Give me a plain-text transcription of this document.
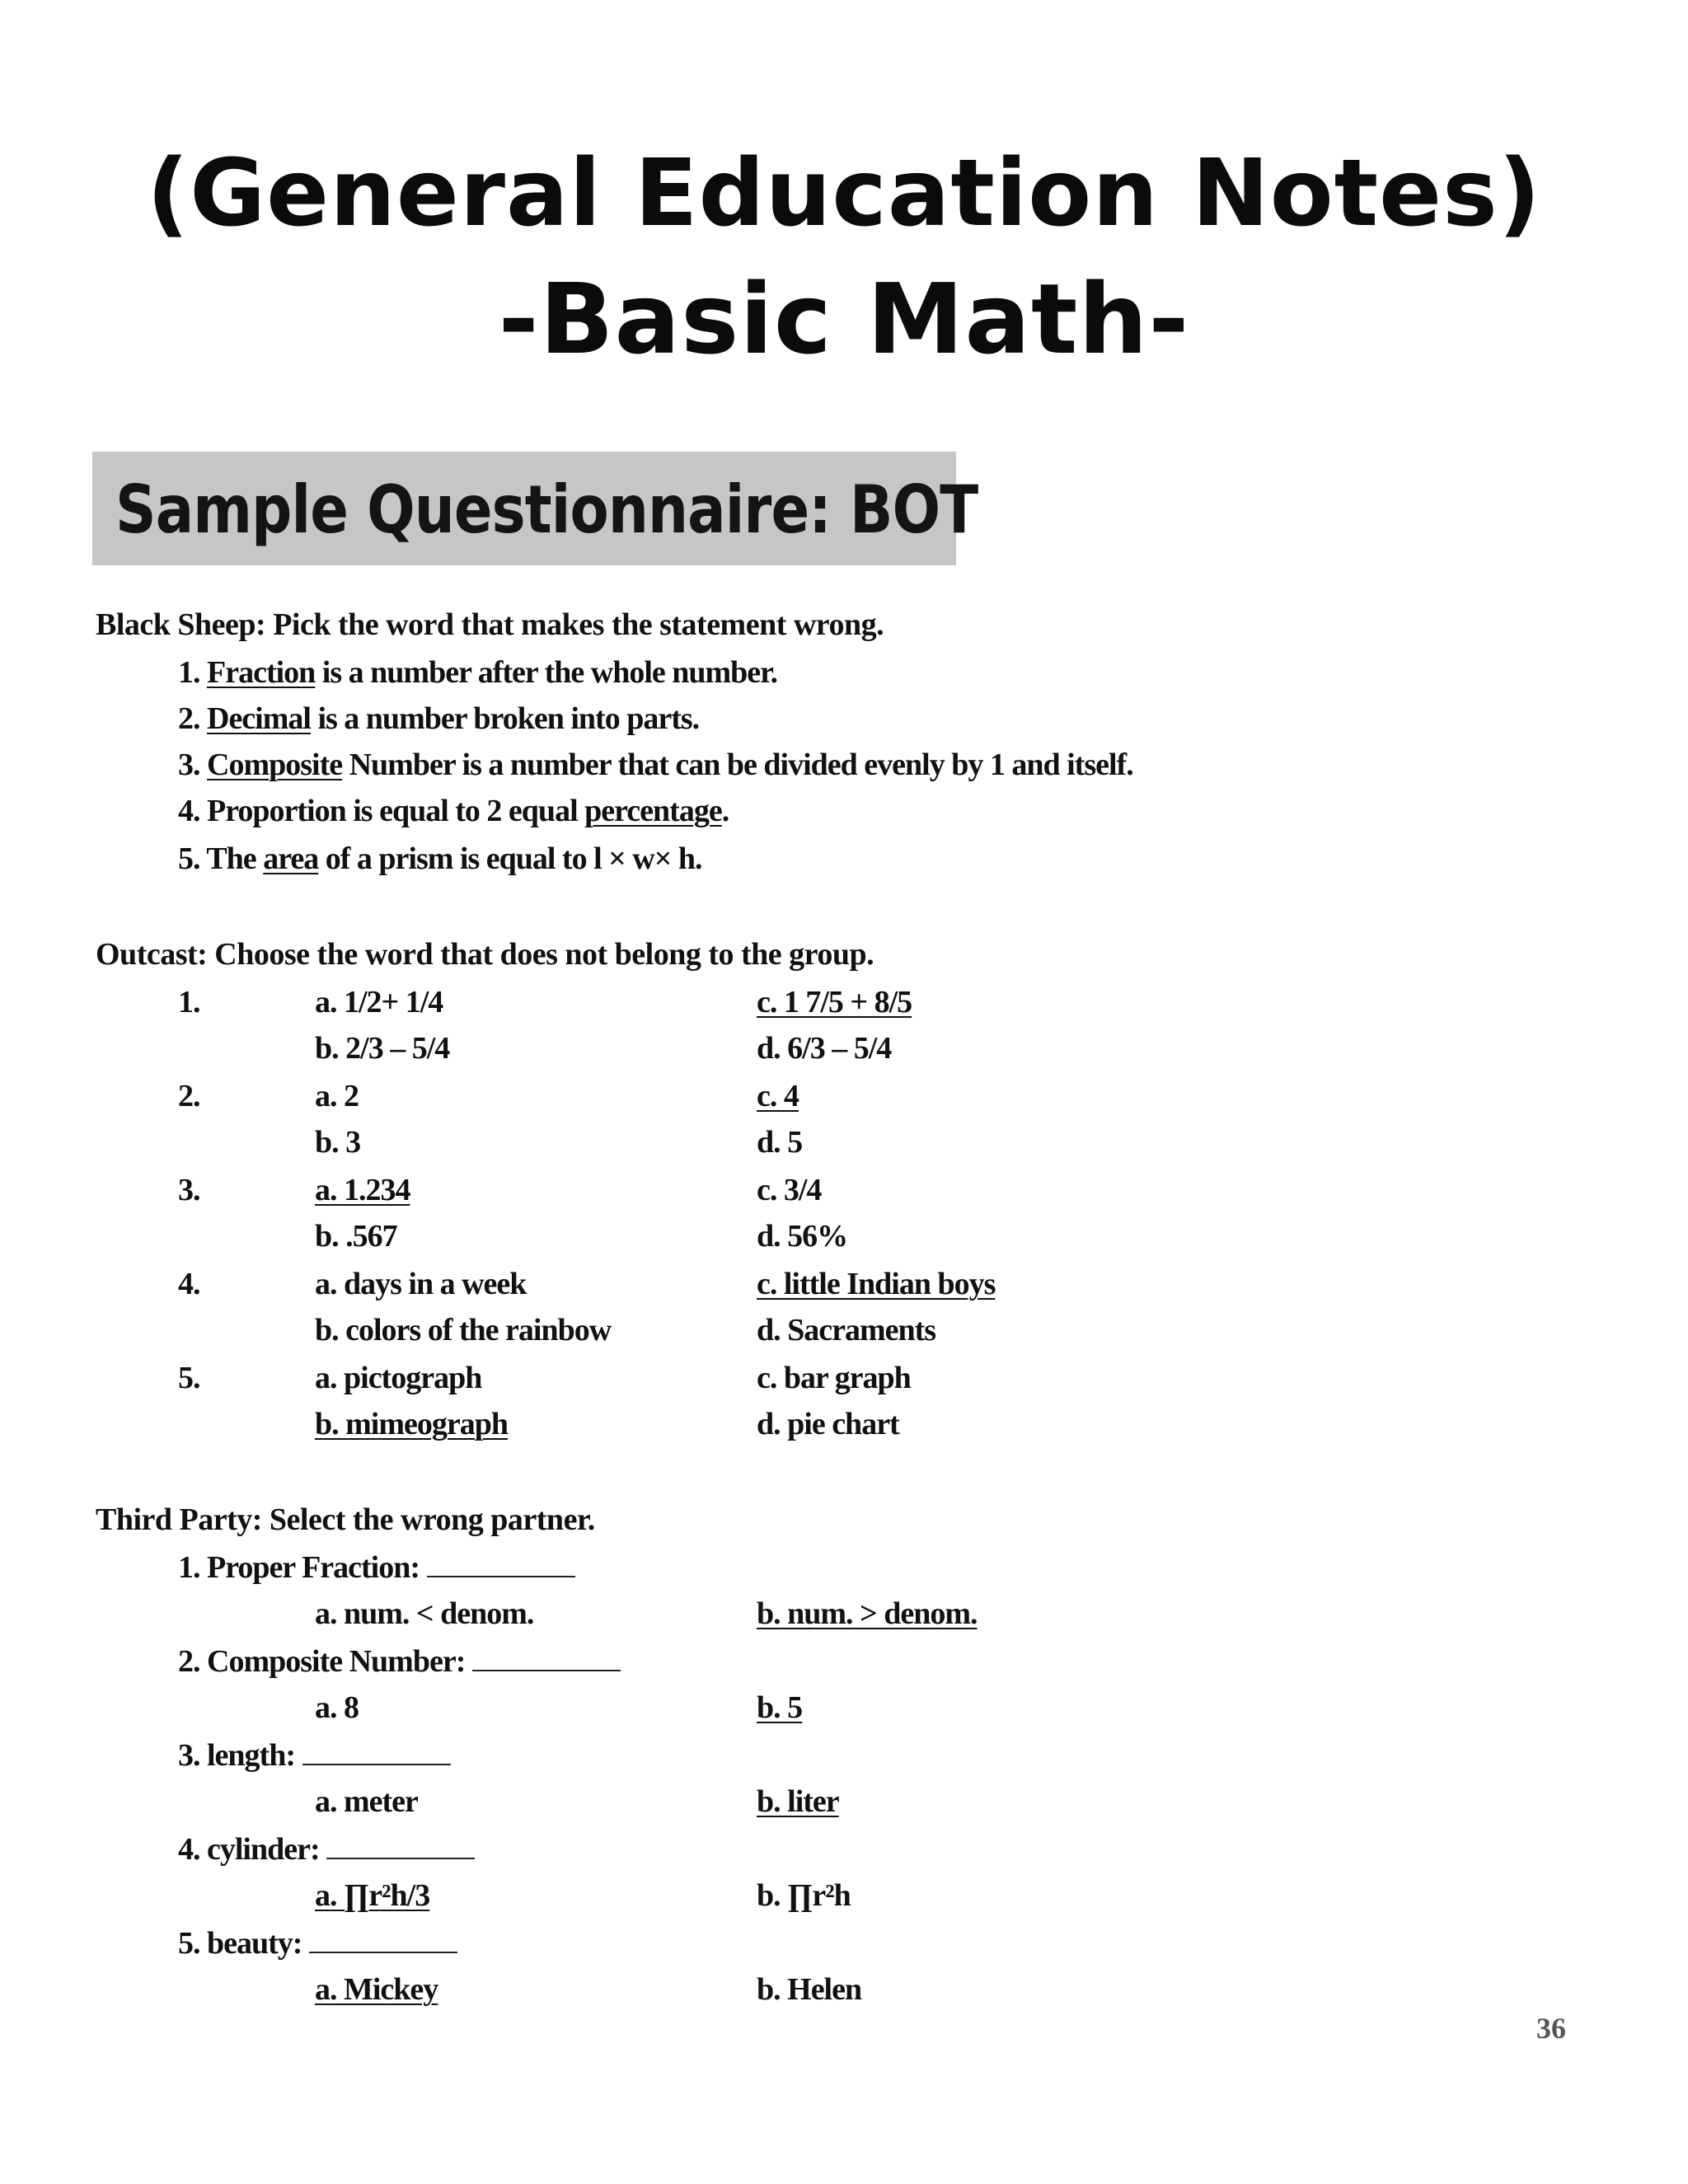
(General Education Notes)
-Basic Math-
Sample Questionnaire: BOT
Black Sheep: Pick the word that makes the statement wrong.
1. Fraction is a number after the whole number.
2. Decimal is a number broken into parts.
3. Composite Number is a number that can be divided evenly by 1 and itself.
4. Proportion is equal to 2 equal percentage.
5. The area of a prism is equal to l × w× h.
Outcast: Choose the word that does not belong to the group.
1.	a. 1/2+ 1/4	c. 1 7/5 + 8/5
b. 2/3 – 5/4	d. 6/3 – 5/4
2.	a. 2	c. 4
b. 3	d. 5
3.	a. 1.234	c. 3/4
b. .567	d. 56%
4.	a. days in a week	c. little Indian boys
b. colors of the rainbow	d. Sacraments
5.	a. pictograph	c. bar graph
b. mimeograph	d. pie chart
Third Party: Select the wrong partner.
1. Proper Fraction:
a. num. < denom.	b. num. > denom.
2. Composite Number:
a. 8	b. 5
3. length:
a. meter	b. liter
4. cylinder:
a. ∏r²h/3	b. ∏r²h
5. beauty:
a. Mickey	b. Helen
36
